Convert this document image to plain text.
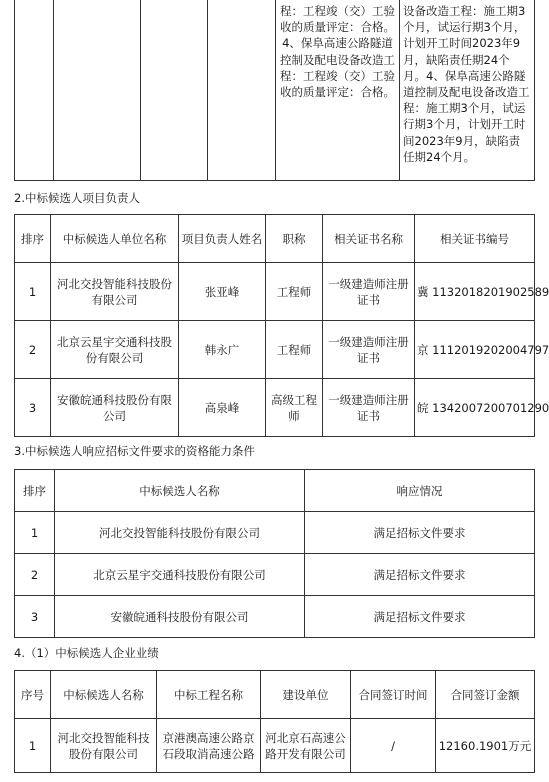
				程：工程竣（交）工验收的质量评定：合格。4、保阜高速公路隧道控制及配电设备改造工程：工程竣（交）工验收的质量评定：合格。	设备改造工程：施工期3个月，试运行期3个月，计划开工时间2023年9月，缺陷责任期24个月。4、保阜高速公路隧道控制及配电设备改造工程：施工期3个月，试运行期3个月，计划开工时间2023年9月，缺陷责任期24个月。
2.中标候选人项目负责人
排序	中标候选人单位名称	项目负责人姓名	职称	相关证书名称	相关证书编号
1	河北交投智能科技股份有限公司	张亚峰	工程师	一级建造师注册证书	冀 1132018201902589
2	北京云星宇交通科技股份有限公司	韩永广	工程师	一级建造师注册证书	京 1112019202004797
3	安徽皖通科技股份有限公司	高泉峰	高级工程师	一级建造师注册证书	皖 1342007200701290
3.中标候选人响应招标文件要求的资格能力条件
排序	中标候选人名称	响应情况
1	河北交投智能科技股份有限公司	满足招标文件要求
2	北京云星宇交通科技股份有限公司	满足招标文件要求
3	安徽皖通科技股份有限公司	满足招标文件要求
4.（1）中标候选人企业业绩
序号	中标候选人名称	中标工程名称	建设单位	合同签订时间	合同签订金额
1	河北交投智能科技股份有限公司	京港澳高速公路京石段取消高速公路	河北京石高速公路开发有限公司	/	12160.1901万元
